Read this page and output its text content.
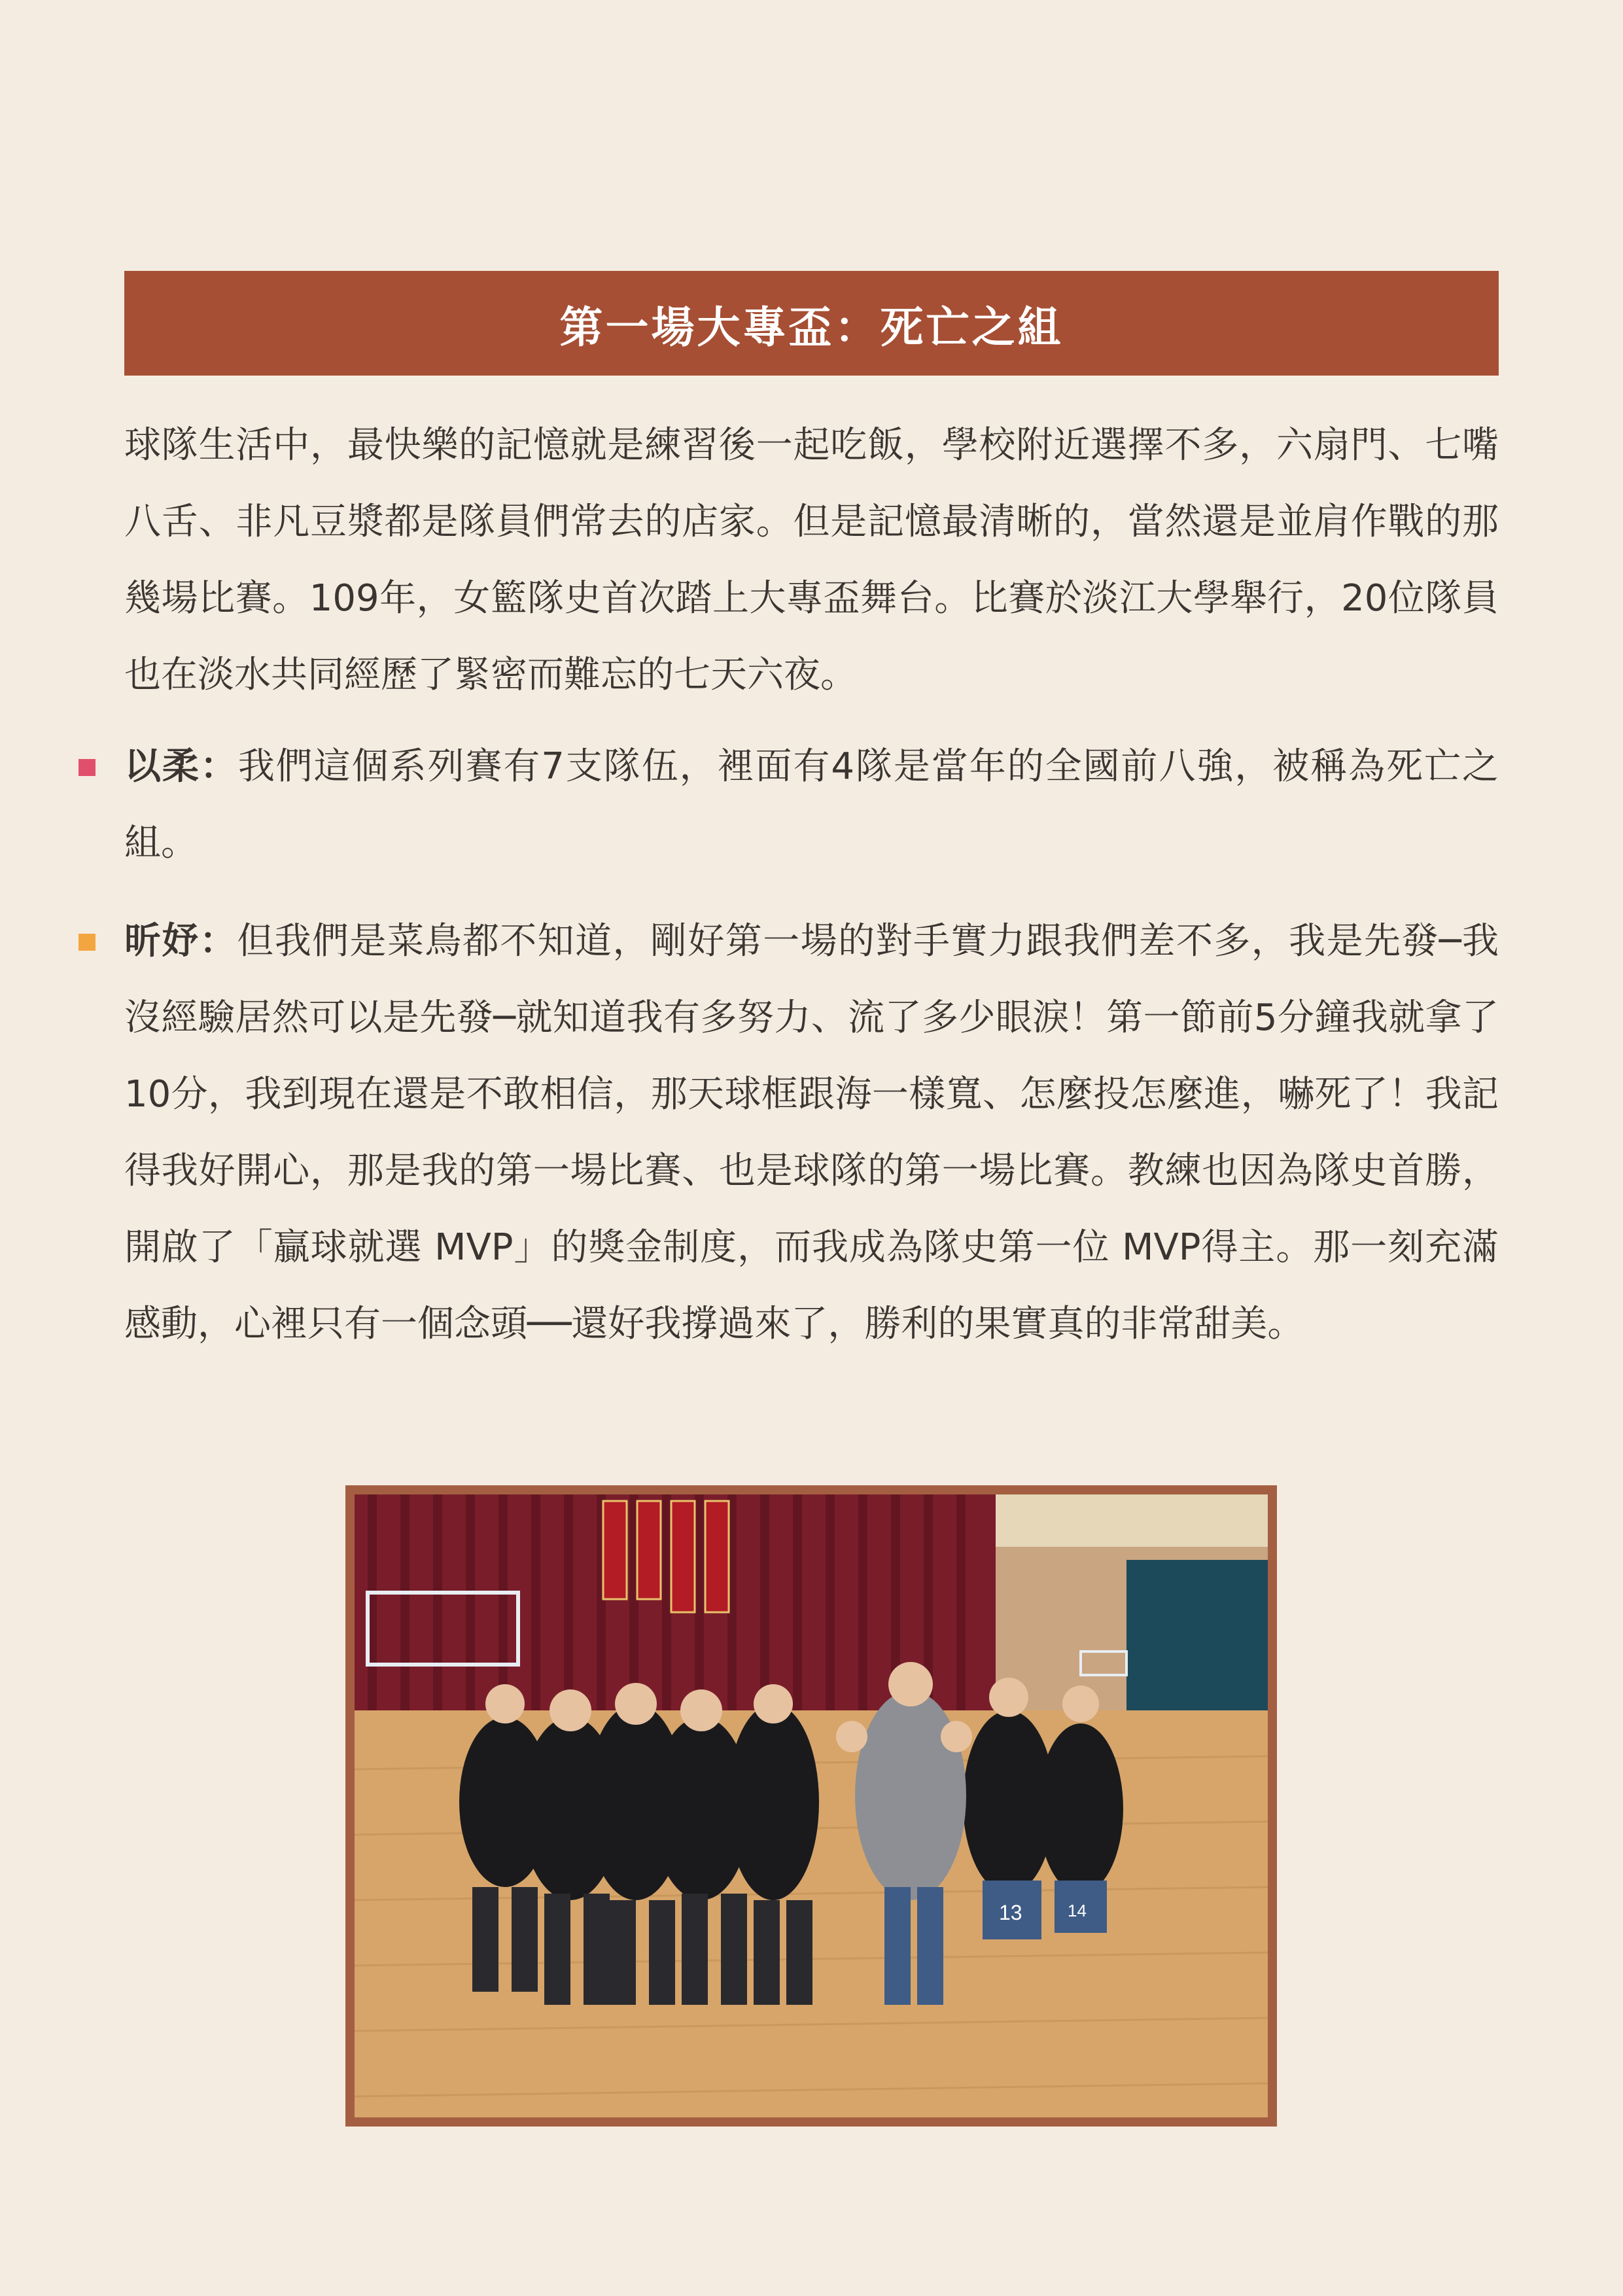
第一場大專盃：死亡之組

球隊生活中，最快樂的記憶就是練習後一起吃飯，學校附近選擇不多，六扇門、七嘴八舌、非凡豆漿都是隊員們常去的店家。但是記憶最清晰的，當然還是並肩作戰的那幾場比賽。109年，女籃隊史首次踏上大專盃舞台。比賽於淡江大學舉行，20位隊員也在淡水共同經歷了緊密而難忘的七天六夜。

以柔：我們這個系列賽有7支隊伍，裡面有4隊是當年的全國前八強，被稱為死亡之組。

昕妤：但我們是菜鳥都不知道，剛好第一場的對手實力跟我們差不多，我是先發─我沒經驗居然可以是先發─就知道我有多努力、流了多少眼淚！第一節前5分鐘我就拿了10分，我到現在還是不敢相信，那天球框跟海一樣寬、怎麼投怎麼進，嚇死了！我記得我好開心，那是我的第一場比賽、也是球隊的第一場比賽。教練也因為隊史首勝，開啟了「贏球就選 MVP」的獎金制度，而我成為隊史第一位 MVP得主。那一刻充滿感動，心裡只有一個念頭──還好我撐過來了，勝利的果實真的非常甜美。

13	14
